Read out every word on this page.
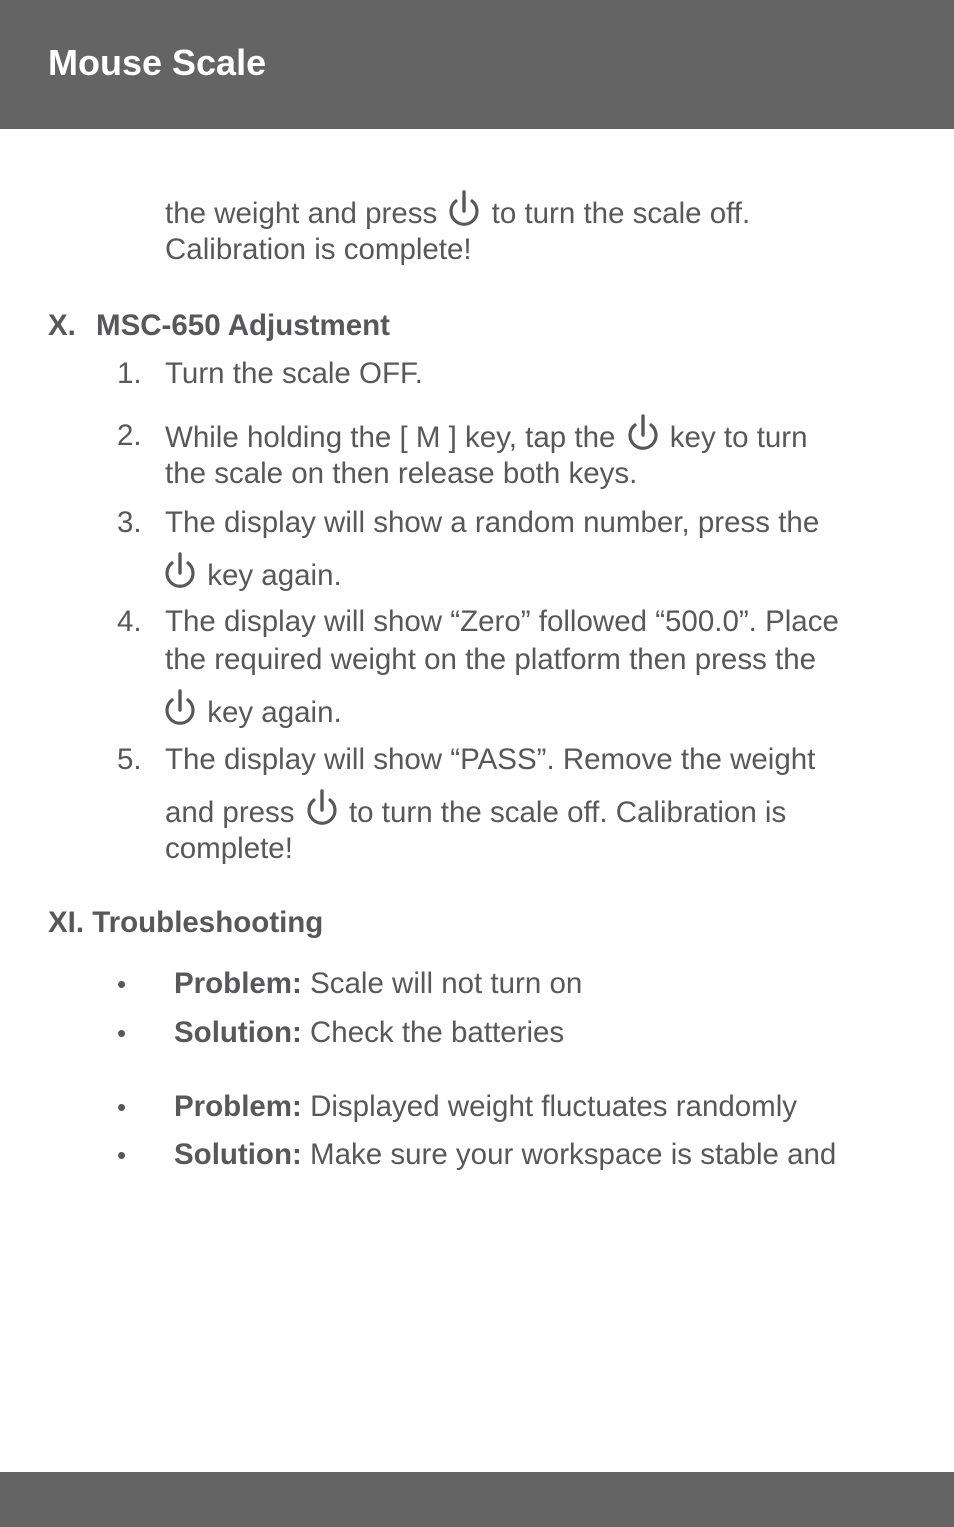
Mouse Scale
the weight and press to turn the scale off.
Calibration is complete!
X. MSC-650 Adjustment
1. Turn the scale OFF.
2. While holding the [ M ] key, tap the key to turn
the scale on then release both keys.
3. The display will show a random number, press the
key again.
4. The display will show “Zero” followed “500.0”. Place
the required weight on the platform then press the
key again.
5. The display will show “PASS”. Remove the weight
and press to turn the scale off. Calibration is
complete!
XI. Troubleshooting
• Problem: Scale will not turn on
• Solution: Check the batteries
• Problem: Displayed weight fluctuates randomly
• Solution: Make sure your workspace is stable and
